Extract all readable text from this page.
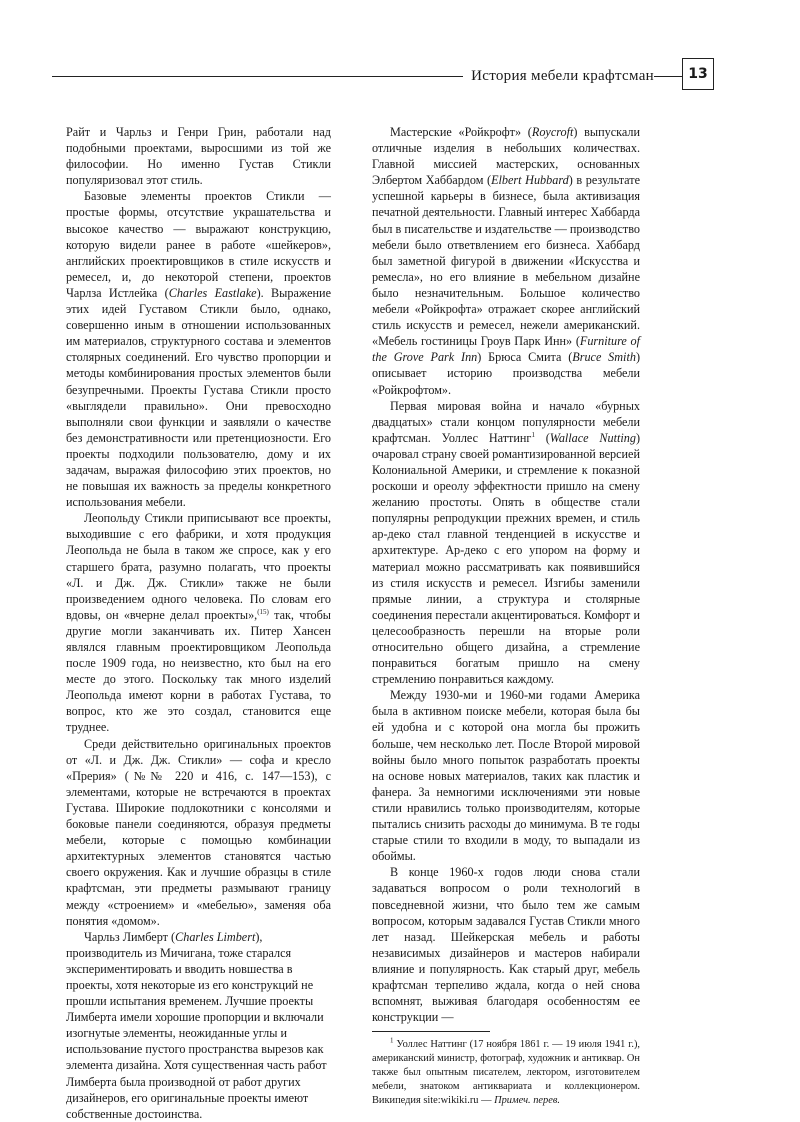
История мебели крафтсман	13

Райт и Чарльз и Генри Грин, работали над подобными проектами, выросшими из той же философии. Но именно Густав Стикли популяризовал этот стиль.

Базовые элементы проектов Стикли — простые формы, отсутствие украшательства и высокое качество — выражают конструкцию, которую видели ранее в работе «шейкеров», английских проектировщиков в стиле искусств и ремесел, и, до некоторой степени, проектов Чарлза Истлейка (Charles Eastlake). Выражение этих идей Густавом Стикли было, однако, совершенно иным в отношении использованных им материалов, структурного состава и элементов столярных соединений. Его чувство пропорции и методы комбинирования простых элементов были безупречными. Проекты Густава Стикли просто «выглядели правильно». Они превосходно выполняли свои функции и заявляли о качестве без демонстративности или претенциозности. Его проекты подходили пользователю, дому и их задачам, выражая философию этих проектов, но не повышая их важность за пределы конкретного использования мебели.

Леопольду Стикли приписывают все проекты, выходившие с его фабрики, и хотя продукция Леопольда не была в таком же спросе, как у его старшего брата, разумно полагать, что проекты «Л. и Дж. Дж. Стикли» также не были произведением одного человека. По словам его вдовы, он «вчерне делал проекты»,$^{(15)}$ так, чтобы другие могли заканчивать их. Питер Хансен являлся главным проектировщиком Леопольда после 1909 года, но неизвестно, кто был на его месте до этого. Поскольку так много изделий Леопольда имеют корни в работах Густава, то вопрос, кто же это создал, становится еще труднее.

Среди действительно оригинальных проектов от «Л. и Дж. Дж. Стикли» — софа и кресло «Прерия» (№№ 220 и 416, с. 147—153), с элементами, которые не встречаются в проектах Густава. Широкие подлокотники с консолями и боковые панели соединяются, образуя предметы мебели, которые с помощью комбинации архитектурных элементов становятся частью своего окружения. Как и лучшие образцы в стиле крафтсман, эти предметы размывают границу между «строением» и «мебелью», заменяя оба понятия «домом».

Чарльз Лимберт (Charles Limbert), производитель из Мичигана, тоже старался экспериментировать и вводить новшества в проекты, хотя некоторые из его конструкций не прошли испытания временем. Лучшие проекты Лимберта имели хорошие пропорции и включали изогнутые элементы, неожиданные углы и использование пустого пространства вырезов как элемента дизайна. Хотя существенная часть работ Лимберта была производной от работ других дизайнеров, его оригинальные проекты имеют собственные достоинства.

Мастерские «Ройкрофт» (Roycroft) выпускали отличные изделия в небольших количествах. Главной миссией мастерских, основанных Элбертом Хаббардом (Elbert Hubbard) в результате успешной карьеры в бизнесе, была активизация печатной деятельности. Главный интерес Хаббарда был в писательстве и издательстве — производство мебели было ответвлением его бизнеса. Хаббард был заметной фигурой в движении «Искусства и ремесла», но его влияние в мебельном дизайне было незначительным. Большое количество мебели «Ройкрофта» отражает скорее английский стиль искусств и ремесел, нежели американский. «Мебель гостиницы Гроув Парк Инн» (Furniture of the Grove Park Inn) Брюса Смита (Bruce Smith) описывает историю производства мебели «Ройкрофтом».

Первая мировая война и начало «бурных двадцатых» стали концом популярности мебели крафтсман. Уоллес Наттинг$^1$ (Wallace Nutting) очаровал страну своей романтизированной версией Колониальной Америки, и стремление к показной роскоши и ореолу эффектности пришло на смену желанию простоты. Опять в обществе стали популярны репродукции прежних времен, и стиль ар-деко стал главной тенденцией в искусстве и архитектуре. Ар-деко с его упором на форму и материал можно рассматривать как появившийся из стиля искусств и ремесел. Изгибы заменили прямые линии, а структура и столярные соединения перестали акцентироваться. Комфорт и целесообразность перешли на вторые роли относительно общего дизайна, а стремление понравиться богатым пришло на смену стремлению понравиться каждому.

Между 1930-ми и 1960-ми годами Америка была в активном поиске мебели, которая была бы ей удобна и с которой она могла бы прожить больше, чем несколько лет. После Второй мировой войны было много попыток разработать проекты на основе новых материалов, таких как пластик и фанера. За немногими исключениями эти новые стили нравились только производителям, которые пытались снизить расходы до минимума. В те годы старые стили то входили в моду, то выпадали из обоймы.

В конце 1960-х годов люди снова стали задаваться вопросом о роли технологий в повседневной жизни, что было тем же самым вопросом, которым задавался Густав Стикли много лет назад. Шейкерская мебель и работы независимых дизайнеров и мастеров набирали влияние и популярность. Как старый друг, мебель крафтсман терпеливо ждала, когда о ней снова вспомнят, выживая благодаря особенностям ее конструкции —

$^1$ Уоллес Наттинг (17 ноября 1861 г. — 19 июля 1941 г.), американский министр, фотограф, художник и антиквар. Он также был опытным писателем, лектором, изготовителем мебели, знатоком антиквариата и коллекционером. Википедия site:wikiki.ru — Примеч. перев.
